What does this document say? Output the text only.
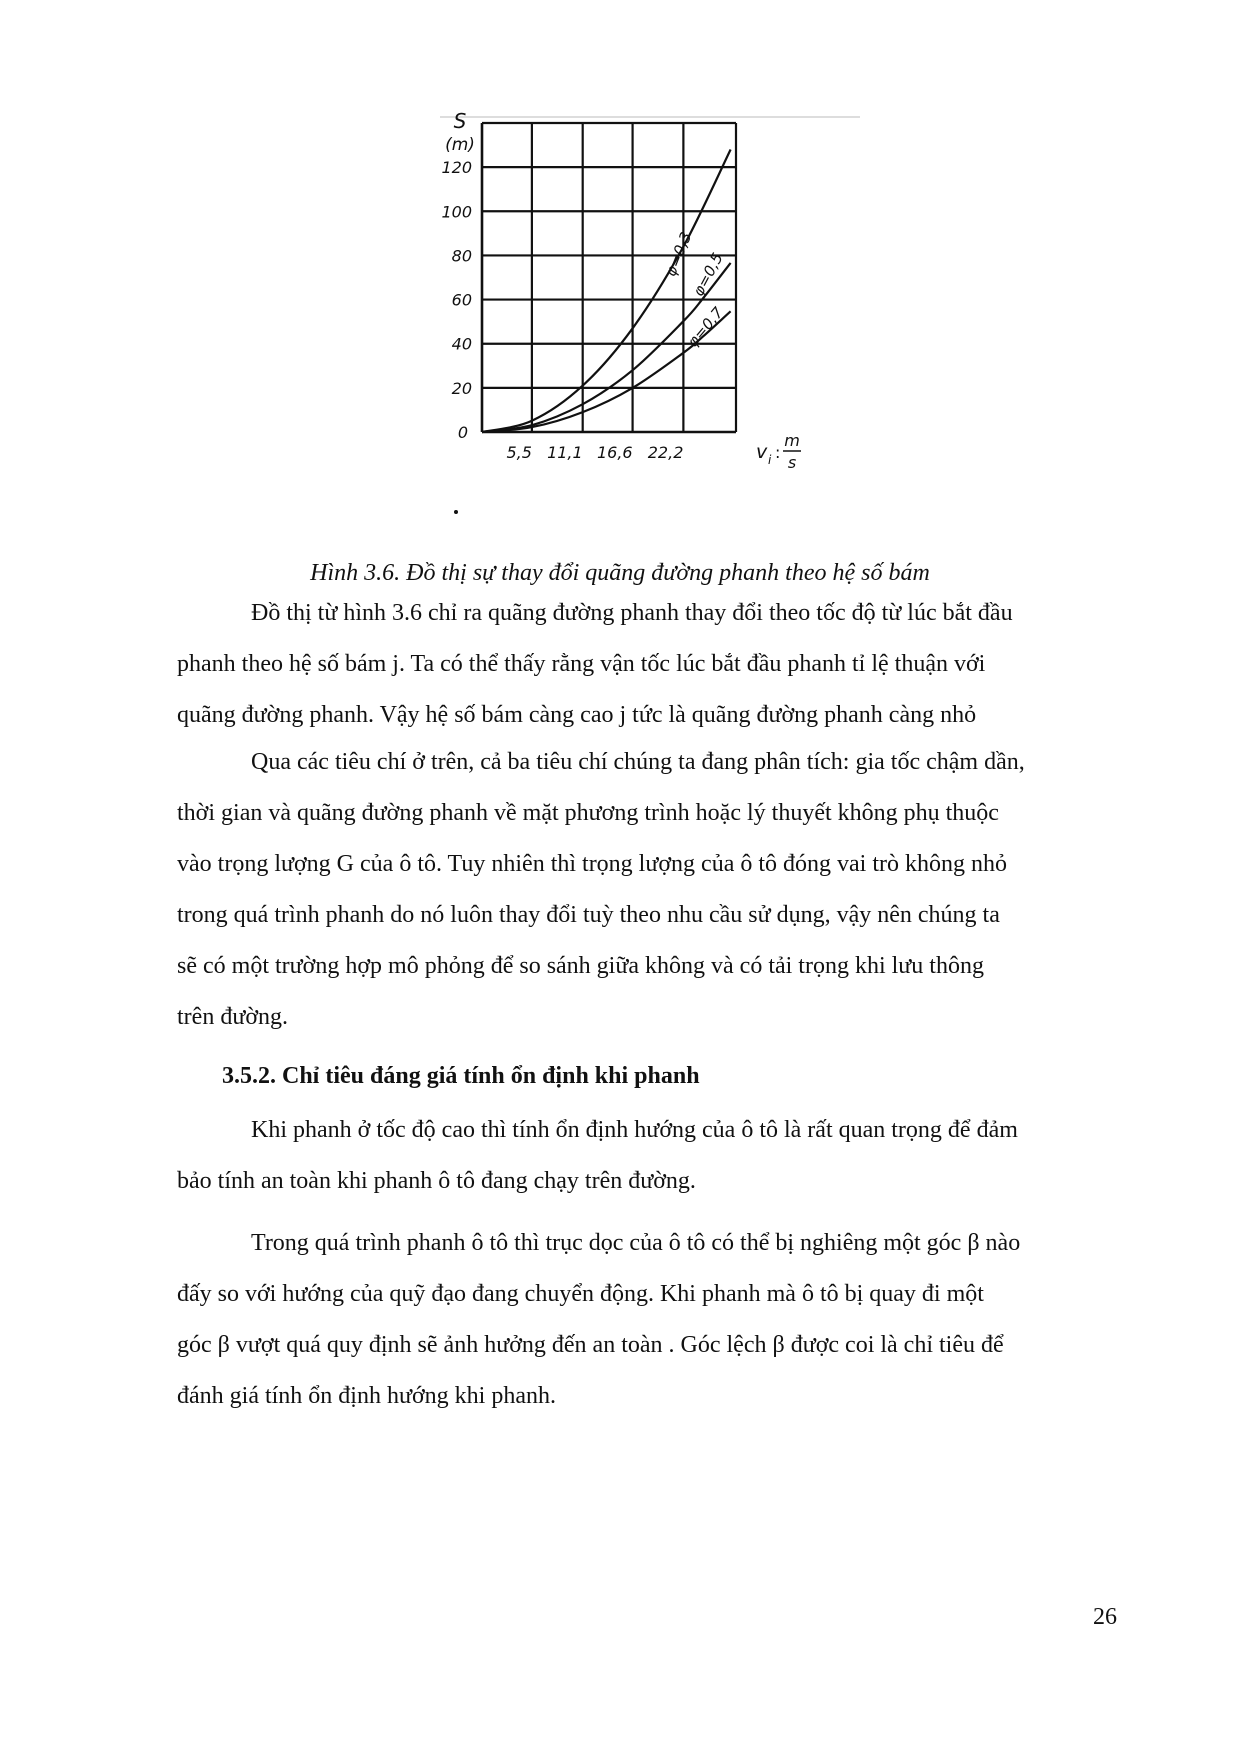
20
40
60
80
100
120
0
5,5 11,1 16,6 22,2
S
(m)
v i :
m
s
φ=0,3
φ=0,5
φ=0,7
Hình 3.6. Đồ thị sự thay đổi quãng đường phanh theo hệ số bám
Đồ thị từ hình 3.6 chỉ ra quãng đường phanh thay đổi theo tốc độ từ lúc bắt đầu
phanh theo hệ số bám j. Ta có thể thấy rằng vận tốc lúc bắt đầu phanh tỉ lệ thuận với
quãng đường phanh. Vậy hệ số bám càng cao j tức là quãng đường phanh càng nhỏ
Qua các tiêu chí ở trên, cả ba tiêu chí chúng ta đang phân tích: gia tốc chậm dần,
thời gian và quãng đường phanh về mặt phương trình hoặc lý thuyết không phụ thuộc
vào trọng lượng G của ô tô. Tuy nhiên thì trọng lượng của ô tô đóng vai trò không nhỏ
trong quá trình phanh do nó luôn thay đổi tuỳ theo nhu cầu sử dụng, vậy nên chúng ta
sẽ có một trường hợp mô phỏng để so sánh giữa không và có tải trọng khi lưu thông
trên đường.
3.5.2. Chỉ tiêu đáng giá tính ổn định khi phanh
Khi phanh ở tốc độ cao thì tính ổn định hướng của ô tô là rất quan trọng để đảm
bảo tính an toàn khi phanh ô tô đang chạy trên đường.
Trong quá trình phanh ô tô thì trục dọc của ô tô có thể bị nghiêng một góc β nào
đấy so với hướng của quỹ đạo đang chuyển động. Khi phanh mà ô tô bị quay đi một
góc β vượt quá quy định sẽ ảnh hưởng đến an toàn . Góc lệch β được coi là chỉ tiêu để
đánh giá tính ổn định hướng khi phanh.
26
